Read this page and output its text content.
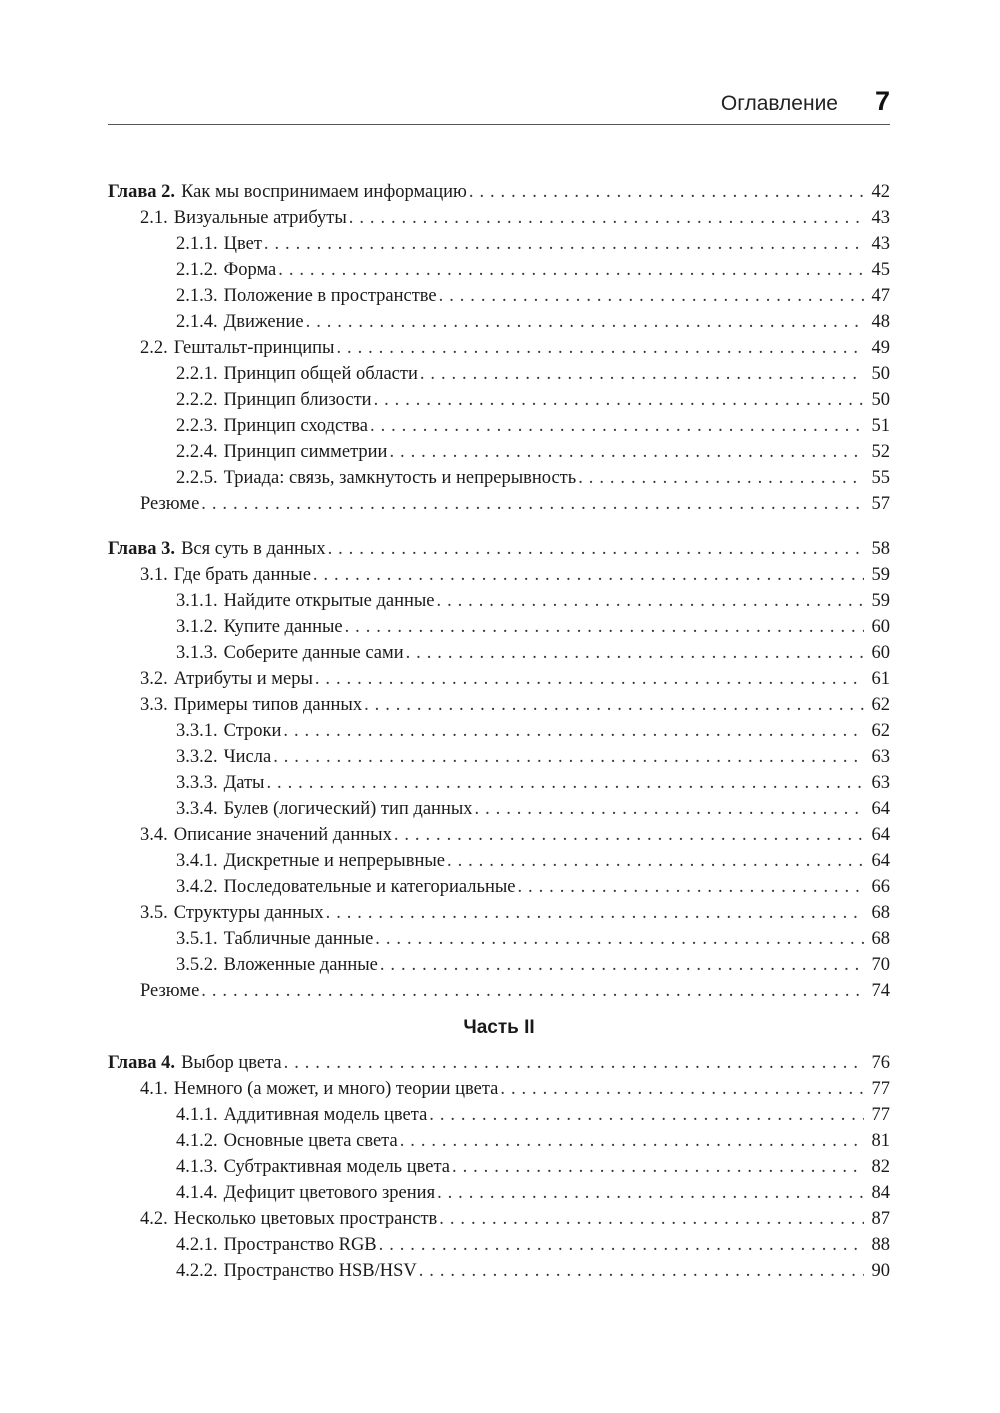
Оглавление 7
Глава 2. Как мы воспринимаем информацию . . .	42
2.1. Визуальные атрибуты . . .	43
2.1.1. Цвет . . .	43
2.1.2. Форма . . .	45
2.1.3. Положение в пространстве . . .	47
2.1.4. Движение . . .	48
2.2. Гештальт-принципы . . .	49
2.2.1. Принцип общей области . . .	50
2.2.2. Принцип близости . . .	50
2.2.3. Принцип сходства . . .	51
2.2.4. Принцип симметрии . . .	52
2.2.5. Триада: связь, замкнутость и непрерывность . . .	55
Резюме . . .	57
Глава 3. Вся суть в данных . . .	58
3.1. Где брать данные . . .	59
3.1.1. Найдите открытые данные . . .	59
3.1.2. Купите данные . . .	60
3.1.3. Соберите данные сами . . .	60
3.2. Атрибуты и меры . . .	61
3.3. Примеры типов данных . . .	62
3.3.1. Строки . . .	62
3.3.2. Числа . . .	63
3.3.3. Даты . . .	63
3.3.4. Булев (логический) тип данных . . .	64
3.4. Описание значений данных . . .	64
3.4.1. Дискретные и непрерывные . . .	64
3.4.2. Последовательные и категориальные . . .	66
3.5. Структуры данных . . .	68
3.5.1. Табличные данные . . .	68
3.5.2. Вложенные данные . . .	70
Резюме . . .	74
Часть II
Глава 4. Выбор цвета . . .	76
4.1. Немного (а может, и много) теории цвета . . .	77
4.1.1. Аддитивная модель цвета . . .	77
4.1.2. Основные цвета света . . .	81
4.1.3. Субтрактивная модель цвета . . .	82
4.1.4. Дефицит цветового зрения . . .	84
4.2. Несколько цветовых пространств . . .	87
4.2.1. Пространство RGB . . .	88
4.2.2. Пространство HSB/HSV . . .	90
